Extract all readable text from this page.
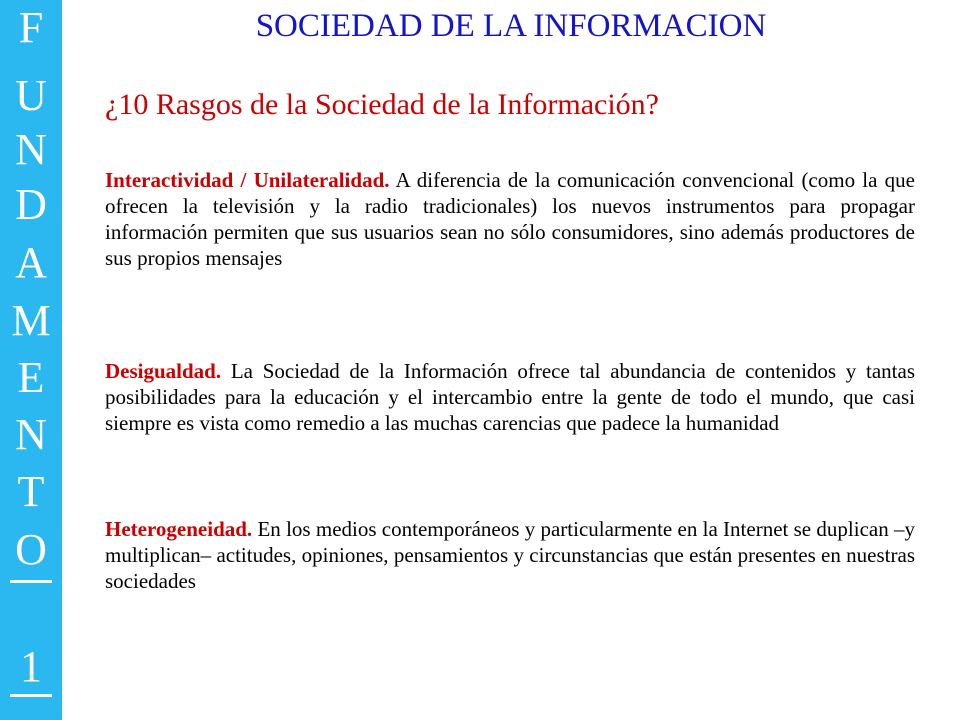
F
U
N
D
A
M
E
N
T
O
1
SOCIEDAD DE LA INFORMACION
¿10 Rasgos de la Sociedad de la Información?
Interactividad / Unilateralidad. A diferencia de la comunicación convencional (como la que ofrecen la televisión y la radio tradicionales) los nuevos instrumentos para propagar información permiten que sus usuarios sean no sólo consumidores, sino además productores de sus propios mensajes
Desigualdad. La Sociedad de la Información ofrece tal abundancia de contenidos y tantas posibilidades para la educación y el intercambio entre la gente de todo el mundo, que casi siempre es vista como remedio a las muchas carencias que padece la humanidad
Heterogeneidad. En los medios contemporáneos y particularmente en la Internet se duplican –y multiplican– actitudes, opiniones, pensamientos y circunstancias que están presentes en nuestras sociedades
